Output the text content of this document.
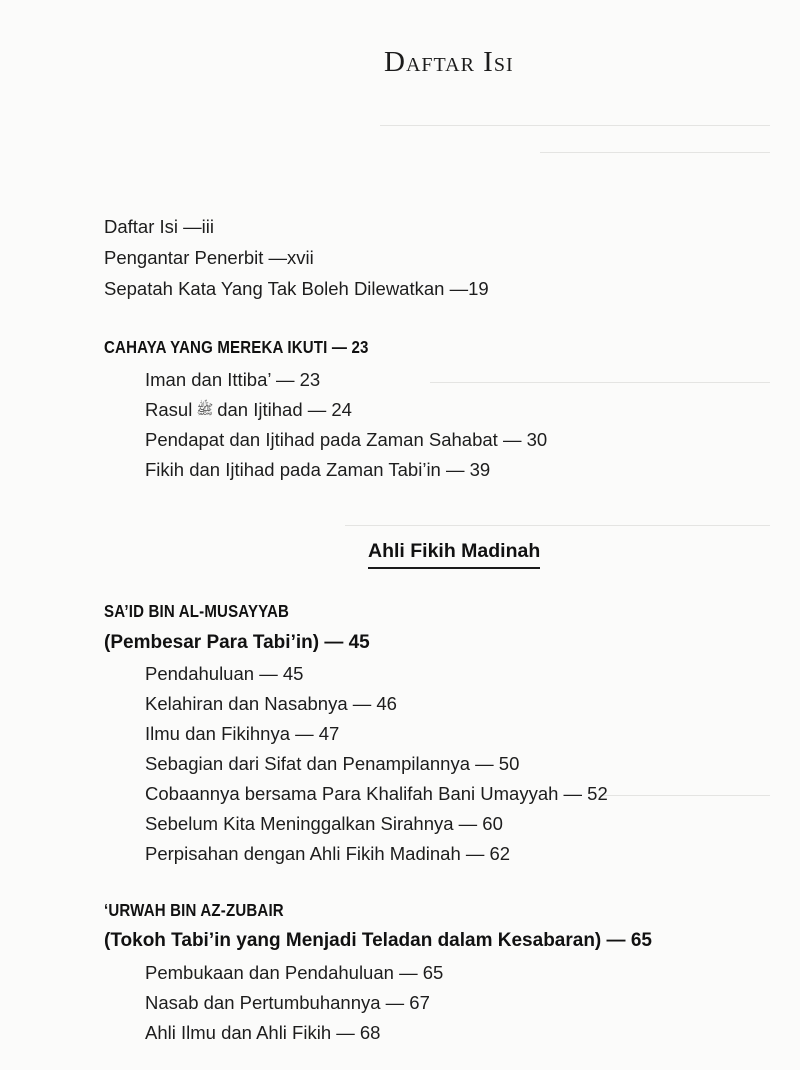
Daftar Isi
Daftar Isi —iii
Pengantar Penerbit —xvii
Sepatah Kata Yang Tak Boleh Dilewatkan —19
CAHAYA YANG MEREKA IKUTI — 23
Iman dan Ittiba’ — 23
Rasul ﷺ dan Ijtihad — 24
Pendapat dan Ijtihad pada Zaman Sahabat — 30
Fikih dan Ijtihad pada Zaman Tabi’in — 39
Ahli Fikih Madinah
SA’ID BIN AL-MUSAYYAB
(Pembesar Para Tabi’in) — 45
Pendahuluan — 45
Kelahiran dan Nasabnya — 46
Ilmu dan Fikihnya — 47
Sebagian dari Sifat dan Penampilannya — 50
Cobaannya bersama Para Khalifah Bani Umayyah — 52
Sebelum Kita Meninggalkan Sirahnya — 60
Perpisahan dengan Ahli Fikih Madinah — 62
‘URWAH BIN AZ-ZUBAIR
(Tokoh Tabi’in yang Menjadi Teladan dalam Kesabaran) — 65
Pembukaan dan Pendahuluan — 65
Nasab dan Pertumbuhannya — 67
Ahli Ilmu dan Ahli Fikih — 68
